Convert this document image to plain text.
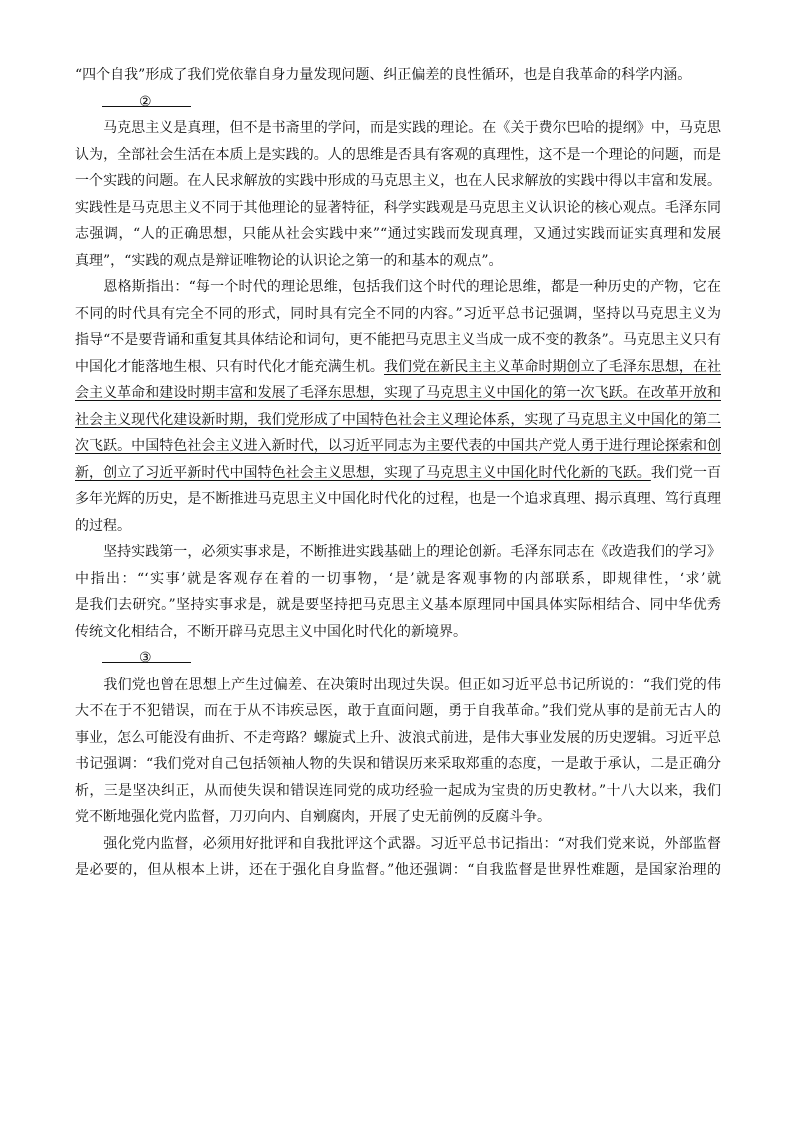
“四个自我”形成了我们党依靠自身力量发现问题、纠正偏差的良性循环，也是自我革命的科学内涵。
②
　　马克思主义是真理，但不是书斋里的学问，而是实践的理论。在《关于费尔巴哈的提纲》中，马克思
认为，全部社会生活在本质上是实践的。人的思维是否具有客观的真理性，这不是一个理论的问题，而是
一个实践的问题。在人民求解放的实践中形成的马克思主义，也在人民求解放的实践中得以丰富和发展。
实践性是马克思主义不同于其他理论的显著特征，科学实践观是马克思主义认识论的核心观点。毛泽东同
志强调，“人的正确思想，只能从社会实践中来”“通过实践而发现真理，又通过实践而证实真理和发展
真理”，“实践的观点是辩证唯物论的认识论之第一的和基本的观点”。
　　恩格斯指出：“每一个时代的理论思维，包括我们这个时代的理论思维，都是一种历史的产物，它在
不同的时代具有完全不同的形式，同时具有完全不同的内容。”习近平总书记强调，坚持以马克思主义为
指导“不是要背诵和重复其具体结论和词句，更不能把马克思主义当成一成不变的教条”。马克思主义只有
中国化才能落地生根、只有时代化才能充满生机。我们党在新民主主义革命时期创立了毛泽东思想，在社
会主义革命和建设时期丰富和发展了毛泽东思想，实现了马克思主义中国化的第一次飞跃。在改革开放和
社会主义现代化建设新时期，我们党形成了中国特色社会主义理论体系，实现了马克思主义中国化的第二
次飞跃。中国特色社会主义进入新时代，以习近平同志为主要代表的中国共产党人勇于进行理论探索和创
新，创立了习近平新时代中国特色社会主义思想，实现了马克思主义中国化时代化新的飞跃。我们党一百
多年光辉的历史，是不断推进马克思主义中国化时代化的过程，也是一个追求真理、揭示真理、笃行真理
的过程。
　　坚持实践第一，必须实事求是，不断推进实践基础上的理论创新。毛泽东同志在《改造我们的学习》
中指出：“‘实事’就是客观存在着的一切事物，‘是’就是客观事物的内部联系，即规律性，‘求’就
是我们去研究。”坚持实事求是，就是要坚持把马克思主义基本原理同中国具体实际相结合、同中华优秀
传统文化相结合，不断开辟马克思主义中国化时代化的新境界。
③
　　我们党也曾在思想上产生过偏差、在决策时出现过失误。但正如习近平总书记所说的：“我们党的伟
大不在于不犯错误，而在于从不讳疾忌医，敢于直面问题，勇于自我革命。”我们党从事的是前无古人的
事业，怎么可能没有曲折、不走弯路？螺旋式上升、波浪式前进，是伟大事业发展的历史逻辑。习近平总
书记强调：“我们党对自己包括领袖人物的失误和错误历来采取郑重的态度，一是敢于承认，二是正确分
析，三是坚决纠正，从而使失误和错误连同党的成功经验一起成为宝贵的历史教材。”十八大以来，我们
党不断地强化党内监督，刀刃向内、自剜腐肉，开展了史无前例的反腐斗争。
　　强化党内监督，必须用好批评和自我批评这个武器。习近平总书记指出：“对我们党来说，外部监督
是必要的，但从根本上讲，还在于强化自身监督。”他还强调：“自我监督是世界性难题，是国家治理的
